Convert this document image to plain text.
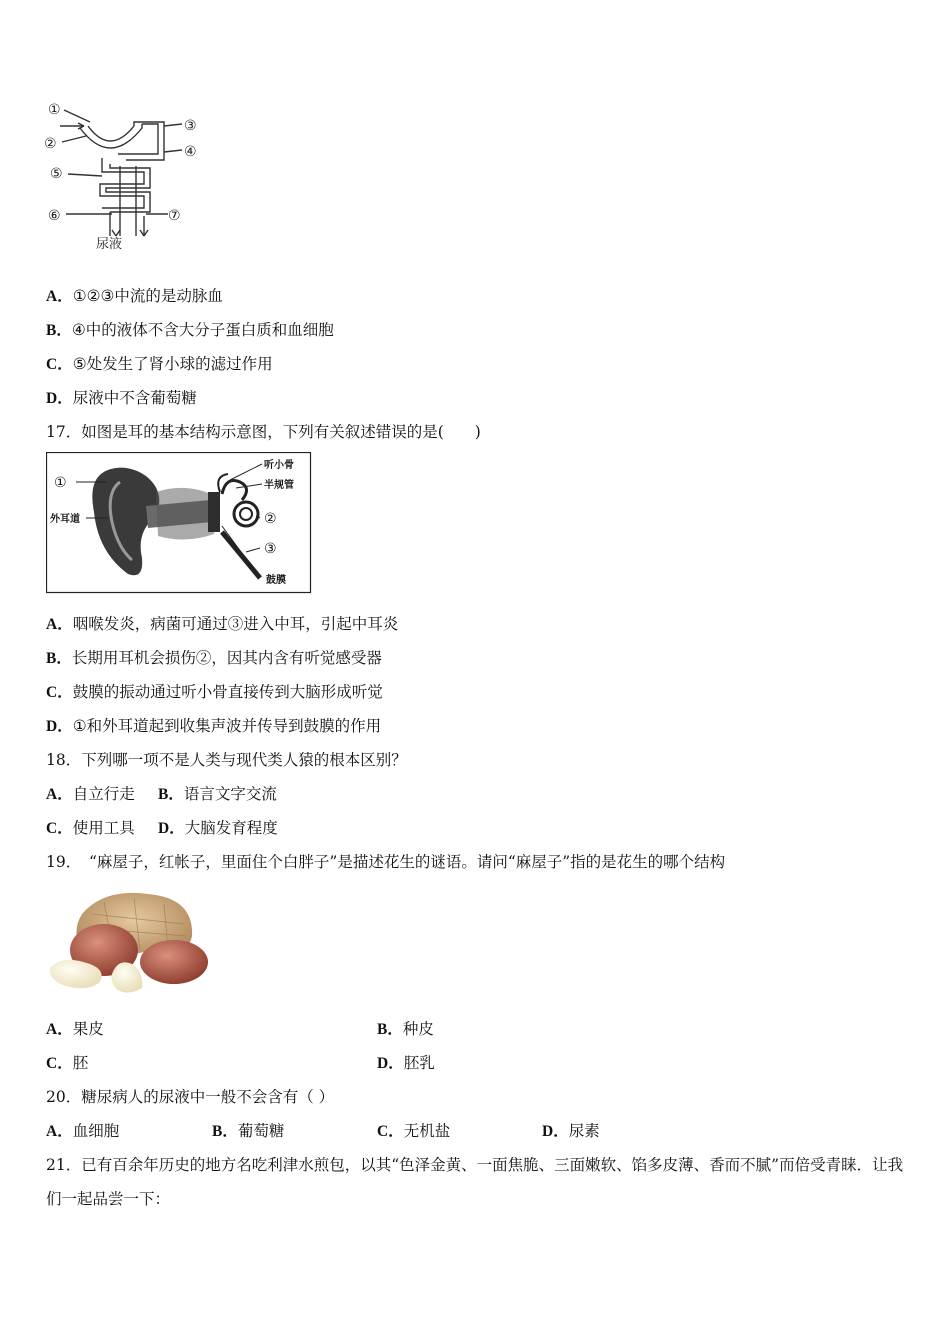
①
②
③
④
⑤
⑥	⑦
尿液
A．①②③中流的是动脉血
B．④中的液体不含大分子蛋白质和血细胞
C．⑤处发生了肾小球的滤过作用
D．尿液中不含葡萄糖
17．如图是耳的基本结构示意图，下列有关叙述错误的是(　　)
①
外耳道
听小骨
半规管
②
③
鼓膜
A．咽喉发炎，病菌可通过③进入中耳，引起中耳炎
B．长期用耳机会损伤②，因其内含有听觉感受器
C．鼓膜的振动通过听小骨直接传到大脑形成听觉
D．①和外耳道起到收集声波并传导到鼓膜的作用
18．下列哪一项不是人类与现代类人猿的根本区别？
A．自立行走 B．语言文字交流
C．使用工具 D．大脑发育程度
19．　“麻屋子，红帐子，里面住个白胖子”是描述花生的谜语。请问“麻屋子”指的是花生的哪个结构
A．果皮	B．种皮
C．胚	D．胚乳
20．糖尿病人的尿液中一般不会含有（ ）
A．血细胞	B．葡萄糖	C．无机盐	D．尿素
21．已有百余年历史的地方名吃利津水煎包，以其“色泽金黄、一面焦脆、三面嫩软、馅多皮薄、香而不腻”而倍受青睐．让我们一起品尝一下：
